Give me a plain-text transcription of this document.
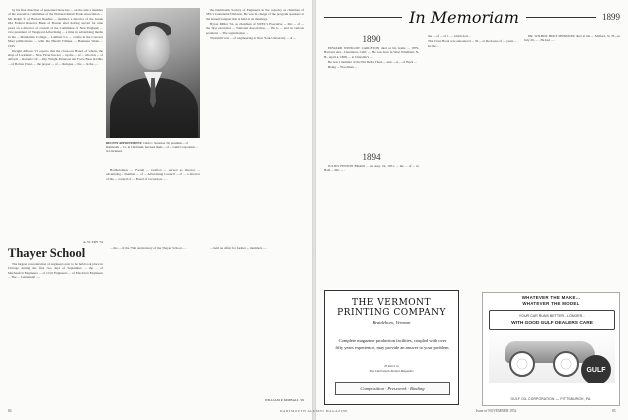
by his fine direction of personnel there has ... on the side a member of the executive committee of the National Retail Trade Association ... Mr. Ralph T. of Boston Needles ... member, a director of the Greek Old Federal Reserve Bank of Boston after having served for nine years on a director of council of the Committee of New England; ... vice president of Vanguard Advertising ... a time in advertising media in the ... Manhattan College ... Lambert Co. ... a time in the Conover Mast publications ... with the Herald Tribune ... Business Week ... 1945.

Dwight Allison '15 reports that the close-out Board of whom, the shop of Lockland ... New Fever has not ... up the ... of ... who has ... of Alfreds ... Roberts '19 ... ally, Wright-Patterson Air Force Base in Ohio ... of Bolton Trust, ... the proper ... of ... dialogue ... the ... in the ... .

RECENT APPOINTMENT: Clark C. Sorenson '26, president ... of Dartmouth ... Co. in Cincinnati, has been made ... of ... Lamb Corporation ... in Cincinnati.

Bartholomew ... Farrell ... Grafton ... served as director ... advertising... member ... of ... Advertising Council ... of ... a director of the ... council of ... Board of Governors ... .

the Dartmouth Society of Engineers in the capacity as chairman of SEC's Centennial Division. He was in charge of the program speakers at the annual banquet that is held at its meetings.

Byron Miller '34, as chairman of SWEC's Executive ... this ... of ... the first executive ... National Association, ... He is ... and in various positions ... The organization ...

Thornhill 'was ... of engineering at New York University ... of ...

A. W. TRY '74
Thayer School

The largest concentration of engineers ever to be held took place in Chicago during the first two days of September ... the ... of Mechanical Engineers ... of Civil Engineers ... of Electrical Engineers ... The ... Centennial ... .

... the ... of the 75th anniversary of the Thayer School ... .	... held an affair for former ... members ... .

WILLIAM P. KIMBALL '29
84
In Memoriam	1899
1890

EDWARD WINSLOW CARLETON died at his home ... 1879. Harvard Ave., Claremont, Calif. ... He was born in West Windham, N. H., April 4, 1868, ... at Chandler's ...

He was a member of the Phi Delta Theta ... and ... of ... of Buck ...

Being ... Woodman ... .

1894

JULIUS FENTON BRAID ... on Aug. 22, 1951, ... the ... of ... in Bath ... Me. ... .

the ... of ... of 1. ... which had ...

The Class Book was announced ... 30 ... at the house of ... years ... .

In the ... .

DR. WILBUR HOLT SHINDLER died at his ... Milford, N. H., on July 26, ... . He had ... .

THE VERMONT PRINTING COMPANY
Brattleboro, Vermont
Complete magazine production facilities, coupled with over fifty years experience, may provide an answer to your problem.
Printers to
The Dartmouth Alumni Magazine
Composition · Presswork · Binding
WHATEVER THE MAKE...
WHATEVER THE MODEL
YOUR CAR RUNS BETTER...LONGER...
WITH GOOD GULF DEALERS CARE
GULF
GULF OIL CORPORATION — PITTSBURGH, PA.
Issue of NOVEMBER 1952	85
DARTMOUTH ALUMNI MAGAZINE
